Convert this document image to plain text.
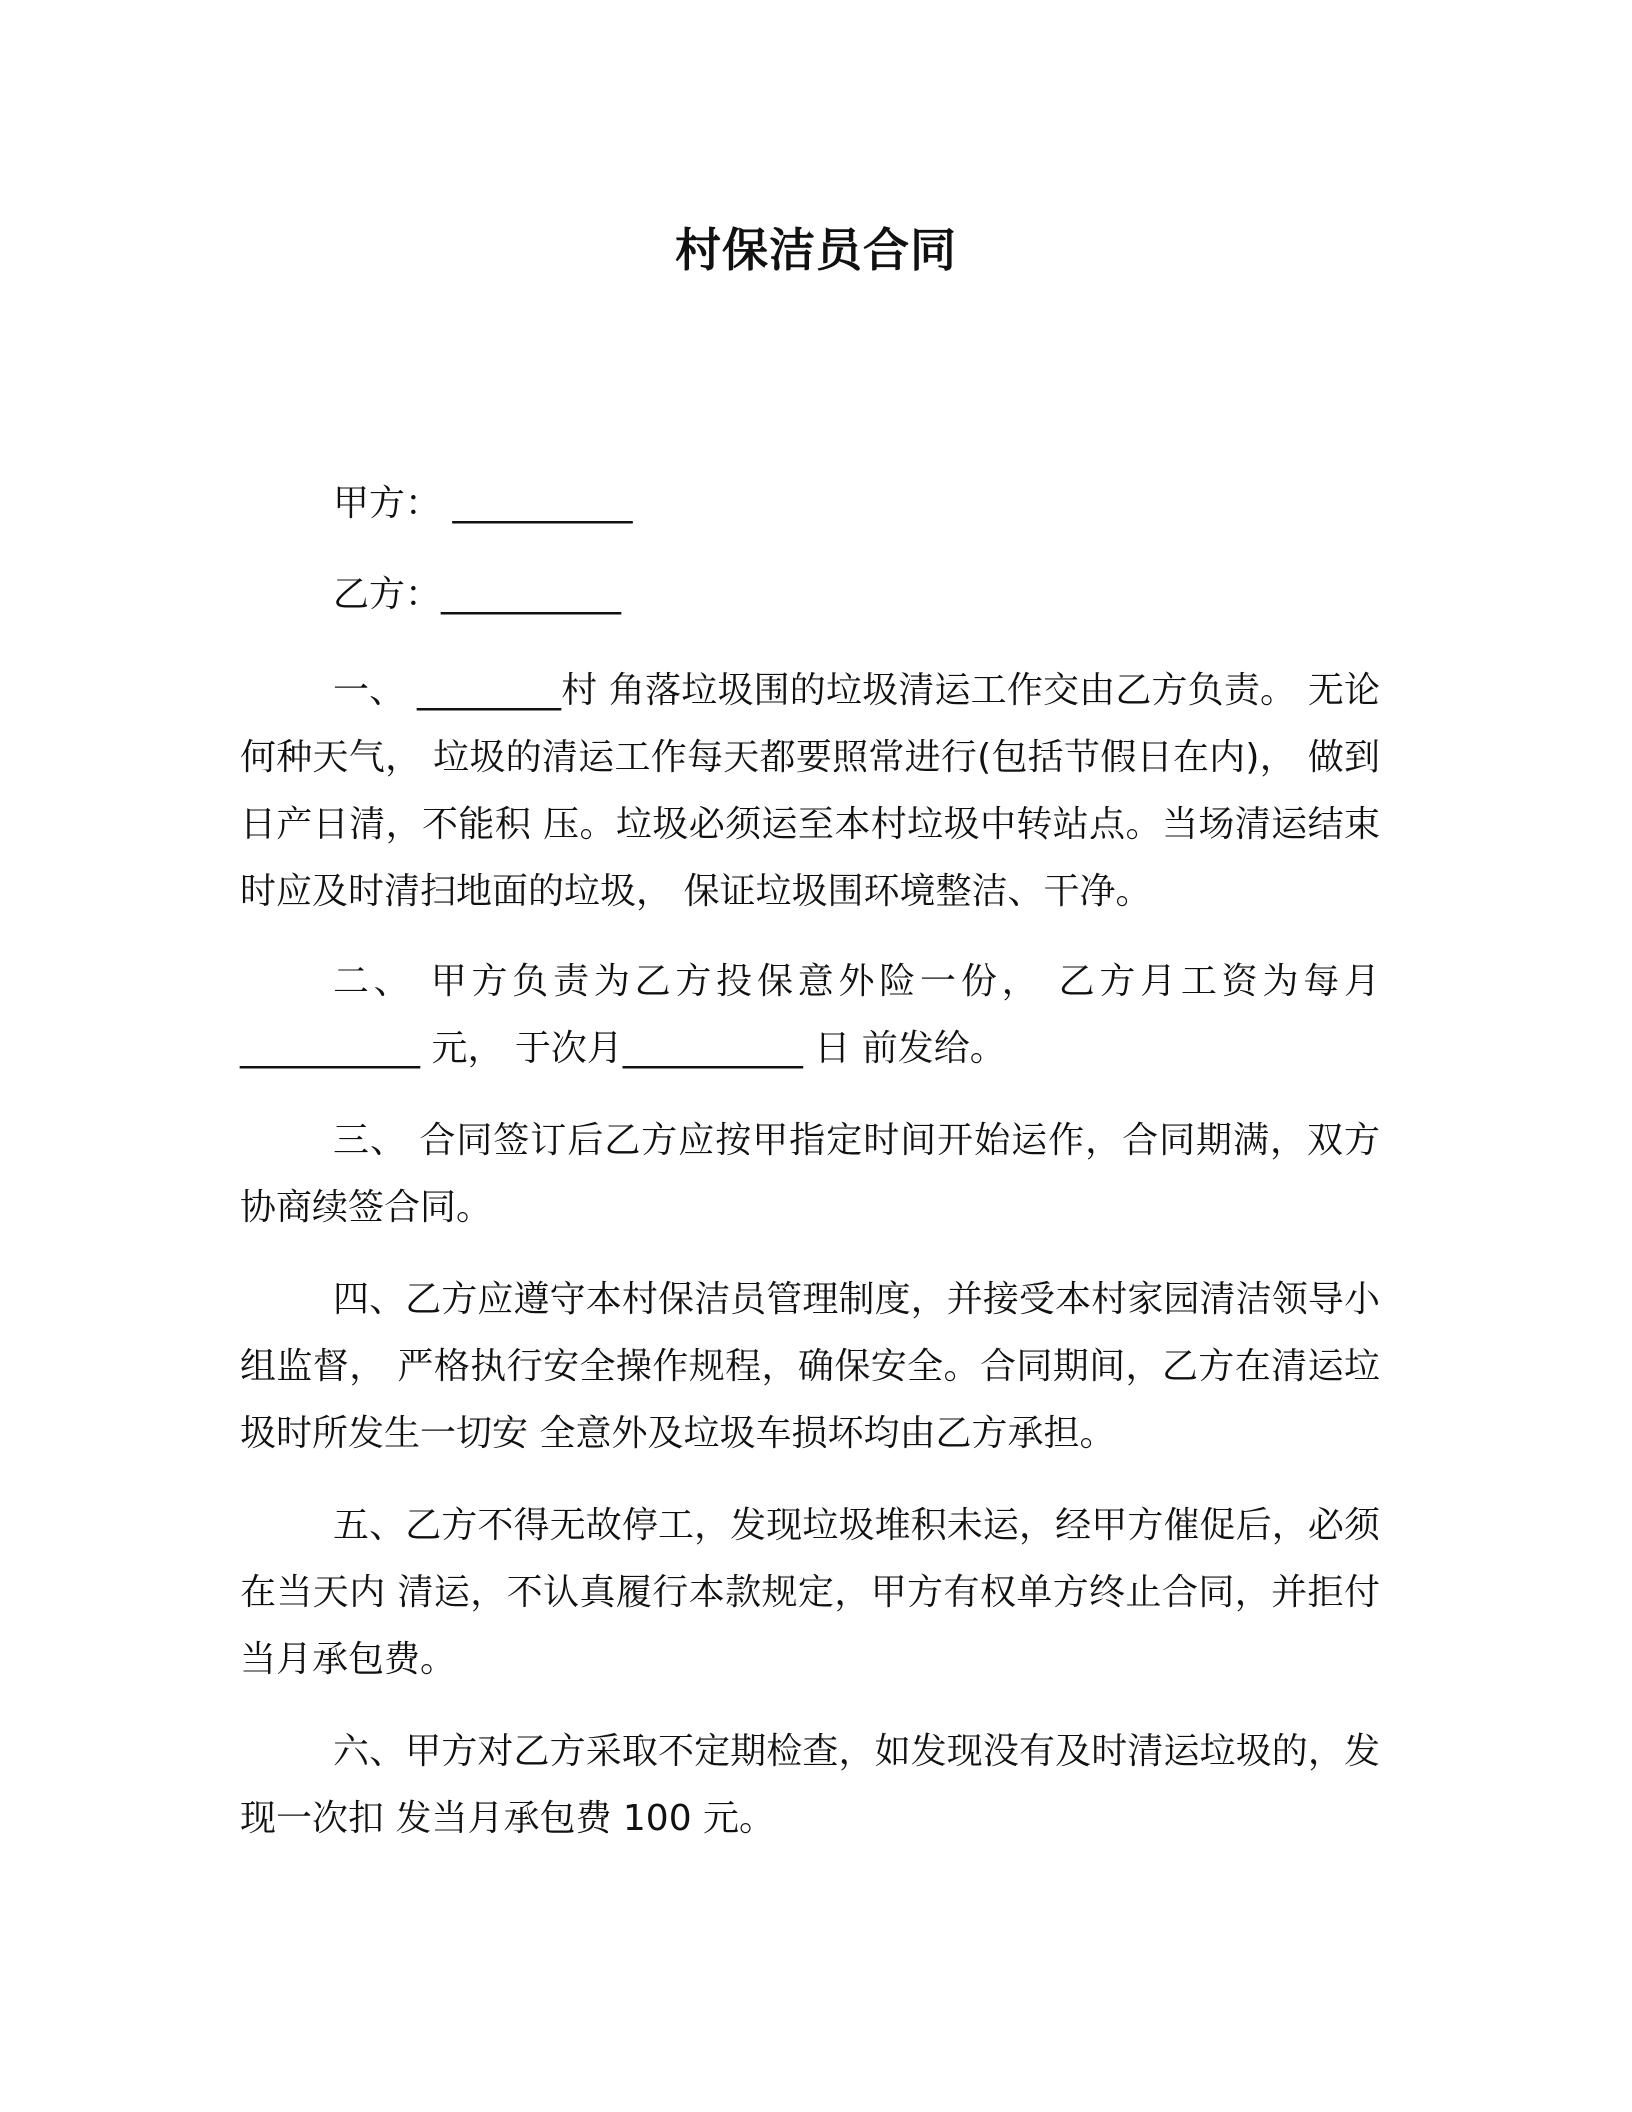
村保洁员合同
甲方： __________
乙方：__________

一、 ________村 角落垃圾围的垃圾清运工作交由乙方负责。 无论何种天气， 垃圾的清运工作每天都要照常进行(包括节假日在内)， 做到日产日清，不能积 压。垃圾必须运至本村垃圾中转站点。当场清运结束时应及时清扫地面的垃圾， 保证垃圾围环境整洁、干净。

二、 甲方负责为乙方投保意外险一份， 乙方月工资为每月__________ 元， 于次月__________ 日 前发给。

三、 合同签订后乙方应按甲指定时间开始运作，合同期满，双方协商续签合同。

四、乙方应遵守本村保洁员管理制度，并接受本村家园清洁领导小组监督， 严格执行安全操作规程，确保安全。合同期间，乙方在清运垃圾时所发生一切安 全意外及垃圾车损坏均由乙方承担。

五、乙方不得无故停工，发现垃圾堆积未运，经甲方催促后，必须在当天内 清运，不认真履行本款规定，甲方有权单方终止合同，并拒付当月承包费。

六、甲方对乙方采取不定期检查，如发现没有及时清运垃圾的，发现一次扣 发当月承包费 100 元。
